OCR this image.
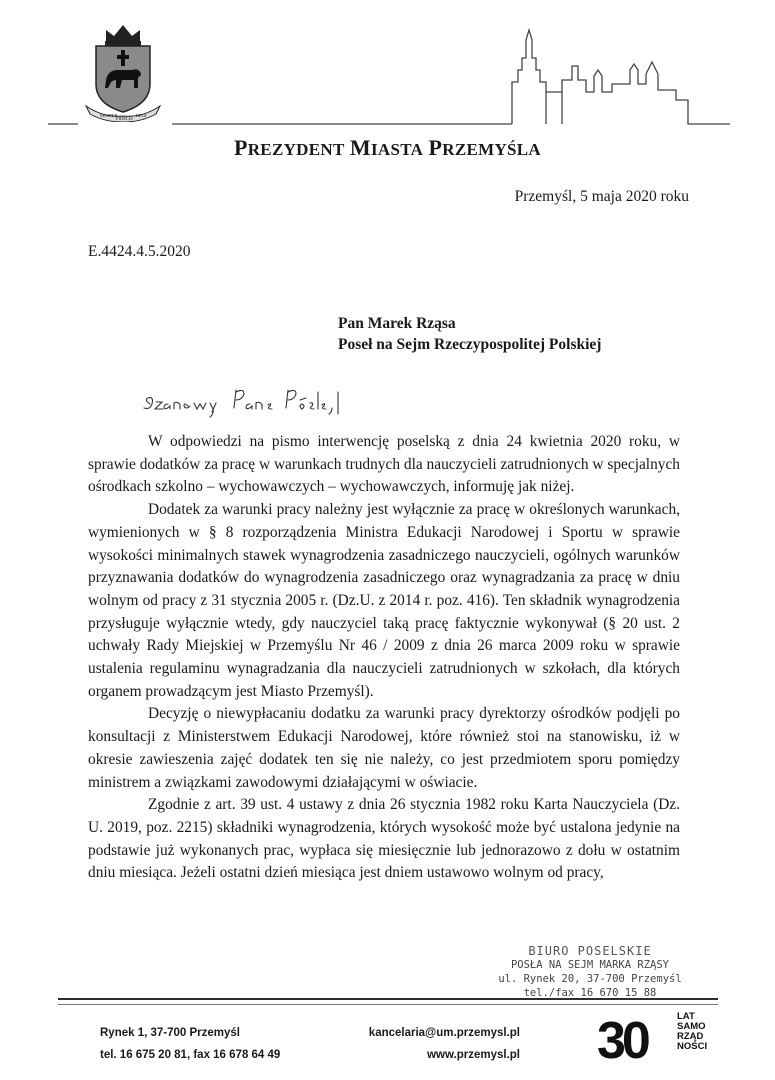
SEMPER
FIDELIS
REGI
PREZYDENT MIASTA PRZEMYŚLA
Przemyśl, 5 maja 2020 roku
E.4424.4.5.2020
Pan Marek Rząsa
Poseł na Sejm Rzeczypospolitej Polskiej
Szanowny Panie Pośle,

W odpowiedzi na pismo interwencję poselską z dnia 24 kwietnia 2020 roku, w sprawie dodatków za pracę w warunkach trudnych dla nauczycieli zatrudnionych w specjalnych ośrodkach szkolno – wychowawczych – wychowawczych, informuję jak niżej.

Dodatek za warunki pracy należny jest wyłącznie za pracę w określonych warunkach, wymienionych w § 8 rozporządzenia Ministra Edukacji Narodowej i Sportu w sprawie wysokości minimalnych stawek wynagrodzenia zasadniczego nauczycieli, ogólnych warunków przyznawania dodatków do wynagrodzenia zasadniczego oraz wynagradzania za pracę w dniu wolnym od pracy z 31 stycznia 2005 r. (Dz.U. z 2014 r. poz. 416). Ten składnik wynagrodzenia przysługuje wyłącznie wtedy, gdy nauczyciel taką pracę faktycznie wykonywał (§ 20 ust. 2 uchwały Rady Miejskiej w Przemyślu Nr 46 / 2009 z dnia 26 marca 2009 roku w sprawie ustalenia regulaminu wynagradzania dla nauczycieli zatrudnionych w szkołach, dla których organem prowadzącym jest Miasto Przemyśl).

Decyzję o niewypłacaniu dodatku za warunki pracy dyrektorzy ośrodków podjęli po konsultacji z Ministerstwem Edukacji Narodowej, które również stoi na stanowisku, iż w okresie zawieszenia zajęć dodatek ten się nie należy, co jest przedmiotem sporu pomiędzy ministrem a związkami zawodowymi działającymi w oświacie.

Zgodnie z art. 39 ust. 4 ustawy z dnia 26 stycznia 1982 roku Karta Nauczyciela (Dz. U. 2019, poz. 2215) składniki wynagrodzenia, których wysokość może być ustalona jedynie na podstawie już wykonanych prac, wypłaca się miesięcznie lub jednorazowo z dołu w ostatnim dniu miesiąca. Jeżeli ostatni dzień miesiąca jest dniem ustawowo wolnym od pracy,

BIURO POSELSKIE
POSŁA NA SEJM MARKA RZĄSY
ul. Rynek 20, 37-700 Przemyśl
tel./fax 16 670 15 88
Rynek 1, 37-700 Przemyśl
tel. 16 675 20 81, fax 16 678 64 49
kancelaria@um.przemysl.pl
www.przemysl.pl 30	LAT
SAMO
RZĄD
NOŚCI
